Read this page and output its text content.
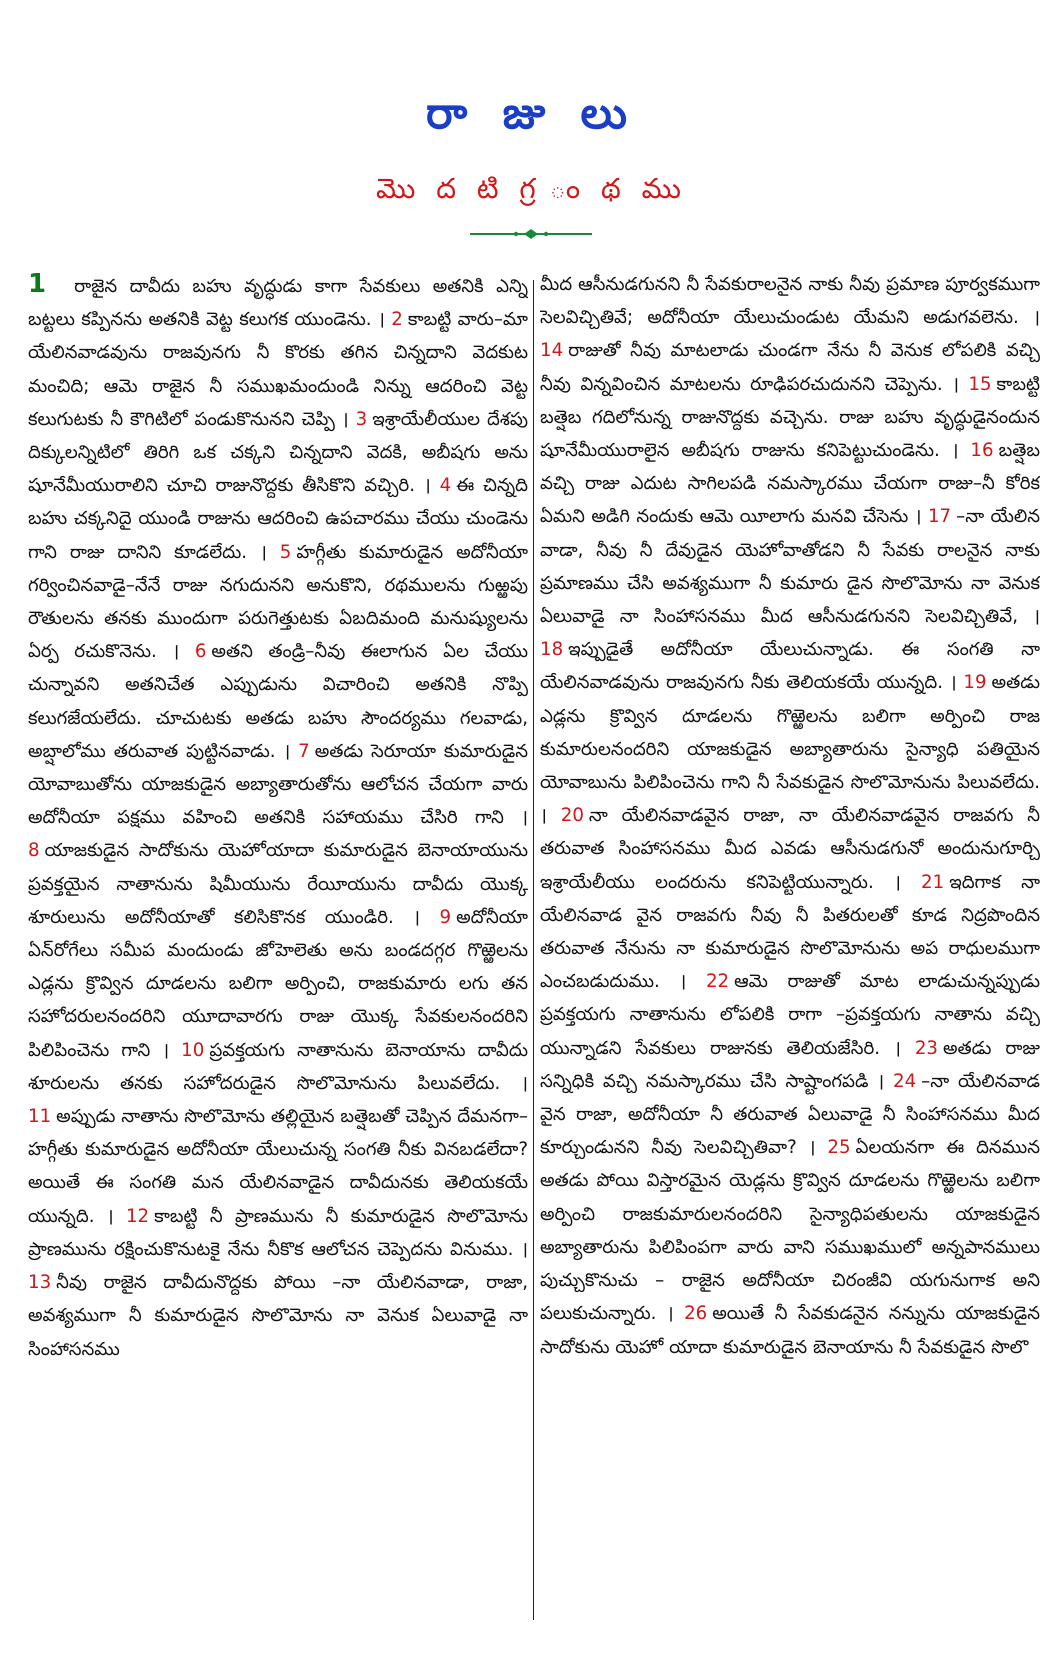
రా జు లు
మొ ద టి గ్ర ం థ ము
1 రాజైన దావీదు బహు వృద్ధుడు కాగా సేవకులు అతనికి ఎన్ని బట్టలు కప్పినను అతనికి వెట్ట కలుగక యుండెను. । 2 కాబట్టి వారు–మా యేలినవాడవును రాజవునగు నీ కొరకు తగిన చిన్నదాని వెదకుట మంచిది; ఆమె రాజైన నీ సముఖమందుండి నిన్ను ఆదరించి వెట్ట కలుగుటకు నీ కౌగిటిలో పండుకొనునని చెప్పి । 3 ఇశ్రాయేలీయుల దేశపు దిక్కులన్నిటిలో తిరిగి ఒక చక్కని చిన్నదాని వెదకి, అబీషగు అను షూనేమీయురాలిని చూచి రాజునొద్దకు తీసికొని వచ్చిరి. । 4 ఈ చిన్నది బహు చక్కనిదై యుండి రాజును ఆదరించి ఉపచారము చేయు చుండెను గాని రాజు దానిని కూడలేదు. । 5 హగ్గీతు కుమారుడైన అదోనీయా గర్వించినవాడై–నేనే రాజు నగుదునని అనుకొని, రథములను గుఱ్ఱపు రౌతులను తనకు ముందుగా పరుగెత్తుటకు ఏబదిమంది మనుష్యులను ఏర్ప రచుకొనెను. । 6 అతని తండ్రి–నీవు ఈలాగున ఏల చేయు చున్నావని అతనిచేత ఎప్పుడును విచారించి అతనికి నొప్పి కలుగజేయలేదు. చూచుటకు అతడు బహు సౌందర్యము గలవాడు, అబ్షాలోము తరువాత పుట్టినవాడు. । 7 అతడు సెరూయా కుమారుడైన యోవాబుతోను యాజకుడైన అబ్యాతారుతోను ఆలోచన చేయగా వారు అదోనీయా పక్షము వహించి అతనికి సహాయము చేసిరి గాని । 8 యాజకుడైన సాదోకును యెహోయాదా కుమారుడైన బెనాయాయును ప్రవక్తయైన నాతానును షిమీయును రేయీయును దావీదు యొక్క శూరులును అదోనీయాతో కలిసికొనక యుండిరి. । 9 అదోనీయా ఏన్‌రోగేలు సమీప మందుండు జోహెలెతు అను బండదగ్గర గొఱ్ఱెలను ఎడ్లను క్రొవ్విన దూడలను బలిగా అర్పించి, రాజకుమారు లగు తన సహోదరులనందరిని యూదావారగు రాజు యొక్క సేవకులనందరిని పిలిపించెను గాని । 10 ప్రవక్తయగు నాతానును బెనాయాను దావీదు శూరులను తనకు సహోదరుడైన సొలొమోనును పిలువలేదు. । 11 అప్పుడు నాతాను సొలొమోను తల్లియైన బత్షెబతో చెప్పిన దేమనగా–హగ్గీతు కుమారుడైన అదోనీయా యేలుచున్న సంగతి నీకు వినబడలేదా? అయితే ఈ సంగతి మన యేలినవాడైన దావీదునకు తెలియకయే యున్నది. । 12 కాబట్టి నీ ప్రాణమును నీ కుమారుడైన సొలొమోను ప్రాణమును రక్షించుకొనుటకై నేను నీకొక ఆలోచన చెప్పెదను వినుము. । 13 నీవు రాజైన దావీదునొద్దకు పోయి –నా యేలినవాడా, రాజా, అవశ్యముగా నీ కుమారుడైన సొలొమోను నా వెనుక ఏలువాడై నా సింహాసనము
మీద ఆసీనుడగునని నీ సేవకురాలనైన నాకు నీవు ప్రమాణ పూర్వకముగా సెలవిచ్చితివే; అదోనీయా యేలుచుండుట యేమని అడుగవలెను. । 14 రాజుతో నీవు మాటలాడు చుండగా నేను నీ వెనుక లోపలికి వచ్చి నీవు విన్నవించిన మాటలను రూఢిపరచుదునని చెప్పెను. । 15 కాబట్టి బత్షెబ గదిలోనున్న రాజునొద్దకు వచ్చెను. రాజు బహు వృద్ధుడైనందున షూనేమీయురాలైన అబీషగు రాజును కనిపెట్టుచుండెను. । 16 బత్షెబ వచ్చి రాజు ఎదుట సాగిలపడి నమస్కారము చేయగా రాజు–నీ కోరిక ఏమని అడిగి నందుకు ఆమె యీలాగు మనవి చేసెను । 17 –నా యేలిన వాడా, నీవు నీ దేవుడైన యెహోవాతోడని నీ సేవకు రాలనైన నాకు ప్రమాణము చేసి అవశ్యముగా నీ కుమారు డైన సొలొమోను నా వెనుక ఏలువాడై నా సింహాసనము మీద ఆసీనుడగునని సెలవిచ్చితివే, । 18 ఇప్పుడైతే అదోనీయా యేలుచున్నాడు. ఈ సంగతి నా యేలినవాడవును రాజవునగు నీకు తెలియకయే యున్నది. । 19 అతడు ఎడ్లను క్రొవ్విన దూడలను గొఱ్ఱెలను బలిగా అర్పించి రాజ కుమారులనందరిని యాజకుడైన అబ్యాతారును సైన్యాధి పతియైన యోవాబును పిలిపించెను గాని నీ సేవకుడైన సొలొమోనును పిలువలేదు. । 20 నా యేలినవాడవైన రాజా, నా యేలినవాడవైన రాజవగు నీ తరువాత సింహాసనము మీద ఎవడు ఆసీనుడగునో అందునుగూర్చి ఇశ్రాయేలీయు లందరును కనిపెట్టియున్నారు. । 21 ఇదిగాక నా యేలినవాడ వైన రాజవగు నీవు నీ పితరులతో కూడ నిద్రపొందిన తరువాత నేనును నా కుమారుడైన సొలొమోనును అప రాధులముగా ఎంచబడుదుము. । 22 ఆమె రాజుతో మాట లాడుచున్నప్పుడు ప్రవక్తయగు నాతానును లోపలికి రాగా –ప్రవక్తయగు నాతాను వచ్చి యున్నాడని సేవకులు రాజునకు తెలియజేసిరి. । 23 అతడు రాజు సన్నిధికి వచ్చి నమస్కారము చేసి సాష్టాంగపడి । 24 –నా యేలినవాడ వైన రాజా, అదోనీయా నీ తరువాత ఏలువాడై నీ సింహాసనము మీద కూర్చుండునని నీవు సెలవిచ్చితివా? । 25 ఏలయనగా ఈ దినమున అతడు పోయి విస్తారమైన యెడ్లను క్రొవ్విన దూడలను గొఱ్ఱెలను బలిగా అర్పించి రాజకుమారులనందరిని సైన్యాధిపతులను యాజకుడైన అబ్యాతారును పిలిపింపగా వారు వాని సముఖములో అన్నపానములు పుచ్చుకొనుచు – రాజైన అదోనీయా చిరంజీవి యగునుగాక అని పలుకుచున్నారు. । 26 అయితే నీ సేవకుడనైన నన్నును యాజకుడైన సాదోకును యెహో యాదా కుమారుడైన బెనాయాను నీ సేవకుడైన సొలొ
